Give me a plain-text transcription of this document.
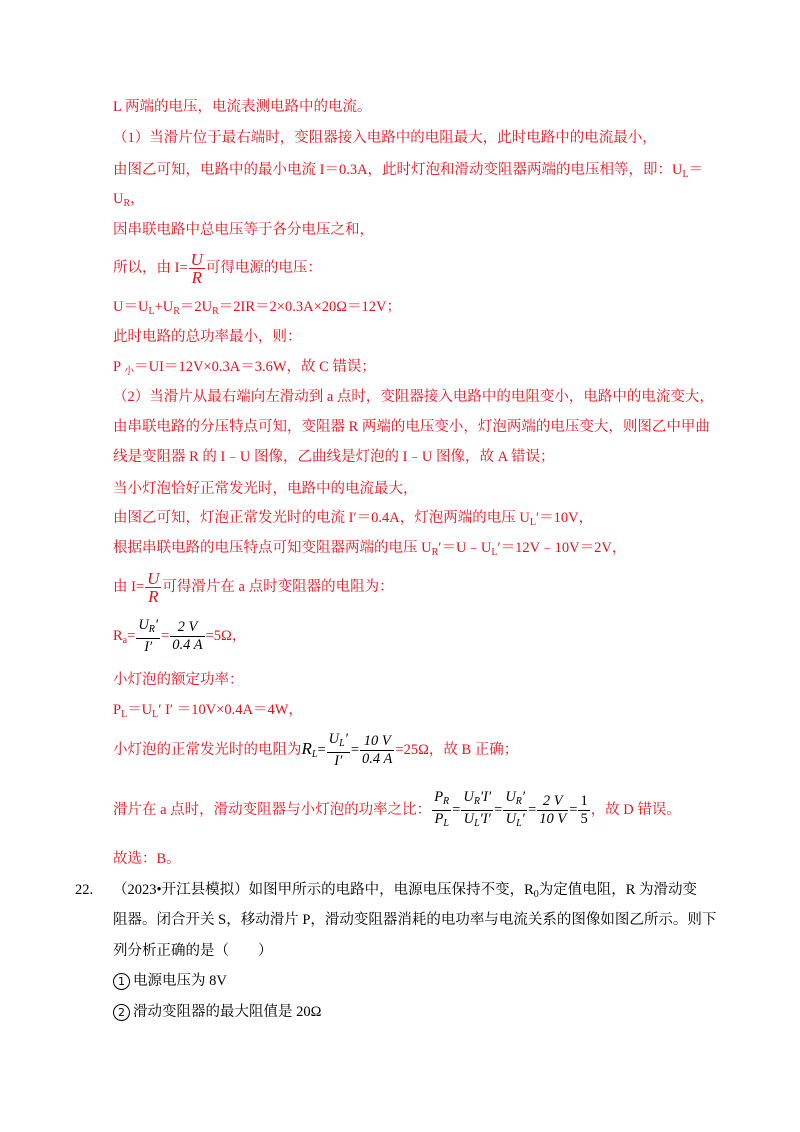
L 两端的电压，电流表测电路中的电流。
（1）当滑片位于最右端时，变阻器接入电路中的电阻最大，此时电路中的电流最小，
由图乙可知，电路中的最小电流 I＝0.3A，此时灯泡和滑动变阻器两端的电压相等，即：$U_L=$
$U_R$，
因串联电路中总电压等于各分电压之和，
所以，由 $I= \frac{U}{R}$ 可得电源的电压：
$U=U_L+U_R=2U_R=2IR=2\times 0.3A\times 20\Omega=12V$；
此时电路的总功率最小，则：
P $_小$＝UI＝12V×0.3A＝3.6W，故 C 错误；
（2）当滑片从最右端向左滑动到 a 点时，变阻器接入电路中的电阻变小，电路中的电流变大，
由串联电路的分压特点可知，变阻器 R 两端的电压变小，灯泡两端的电压变大，则图乙中甲曲
线是变阻器 R 的 I﹣U 图像，乙曲线是灯泡的 I﹣U 图像，故 A 错误；
当小灯泡恰好正常发光时，电路中的电流最大，
由图乙可知，灯泡正常发光时的电流 I′＝0.4A，灯泡两端的电压 $U_L'=10V$，
根据串联电路的电压特点可知变阻器两端的电压 $U_R'=U﹣U_L'=12V﹣10V=2V$，
由 $I= \frac{U}{R}$ 可得滑片在 a 点时变阻器的电阻为：
$R_a= \frac{U_R'}{I'} = \frac{2 V}{0.4 A} =5\Omega$，
小灯泡的额定功率：
$P_L=U_L'$ I′ ＝10V×0.4A＝4W，
小灯泡的正常发光时的电阻为$R_L= \frac{U_L'}{I'} = \frac{10 V}{0.4 A} =25\Omega$，故 B 正确；
滑片在 a 点时，滑动变阻器与小灯泡的功率之比： $\frac{P_R}{P_L} = \frac{U_R'I'}{U_L'I'} = \frac{U_R'}{U_L'} = \frac{2 V}{10 V} = \frac{1}{5}$ ，故 D 错误。
故选：B。
22. （2023•开江县模拟）如图甲所示的电路中，电源电压保持不变，$R_0$为定值电阻，R 为滑动变
阻器。闭合开关 S，移动滑片 P，滑动变阻器消耗的电功率与电流关系的图像如图乙所示。则下
列分析正确的是（　　）
1 电源电压为 8V
2 滑动变阻器的最大阻值是 20Ω
